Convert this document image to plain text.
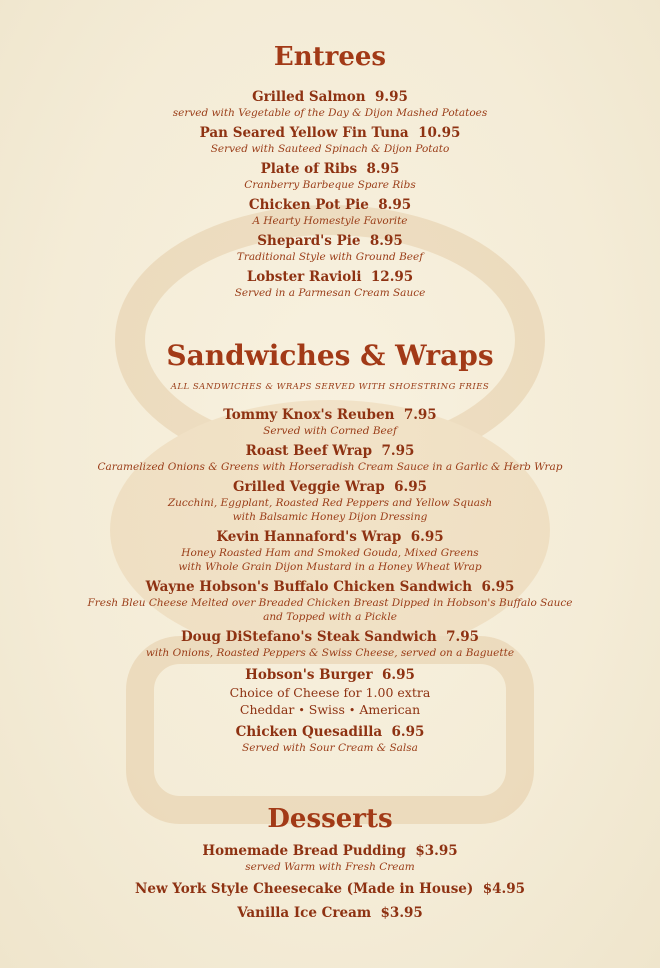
Entrees

Grilled Salmon 9.95

served with Vegetable of the Day & Dijon Mashed Potatoes

Pan Seared Yellow Fin Tuna 10.95

Served with Sauteed Spinach & Dijon Potato

Plate of Ribs 8.95

Cranberry Barbeque Spare Ribs

Chicken Pot Pie 8.95

A Hearty Homestyle Favorite

Shepard's Pie 8.95

Traditional Style with Ground Beef

Lobster Ravioli 12.95

Served in a Parmesan Cream Sauce

Sandwiches & Wraps
ALL SANDWICHES & WRAPS SERVED WITH SHOESTRING FRIES

Tommy Knox's Reuben 7.95

Served with Corned Beef

Roast Beef Wrap 7.95

Caramelized Onions & Greens with Horseradish Cream Sauce in a Garlic & Herb Wrap

Grilled Veggie Wrap 6.95

Zucchini, Eggplant, Roasted Red Peppers and Yellow Squash

with Balsamic Honey Dijon Dressing

Kevin Hannaford's Wrap 6.95

Honey Roasted Ham and Smoked Gouda, Mixed Greens

with Whole Grain Dijon Mustard in a Honey Wheat Wrap

Wayne Hobson's Buffalo Chicken Sandwich 6.95

Fresh Bleu Cheese Melted over Breaded Chicken Breast Dipped in Hobson's Buffalo Sauce

and Topped with a Pickle

Doug DiStefano's Steak Sandwich 7.95

with Onions, Roasted Peppers & Swiss Cheese, served on a Baguette

Hobson's Burger 6.95

Choice of Cheese for 1.00 extra

Cheddar • Swiss • American

Chicken Quesadilla 6.95

Served with Sour Cream & Salsa

Desserts

Homemade Bread Pudding $3.95

served Warm with Fresh Cream

New York Style Cheesecake (Made in House) $4.95

Vanilla Ice Cream $3.95
